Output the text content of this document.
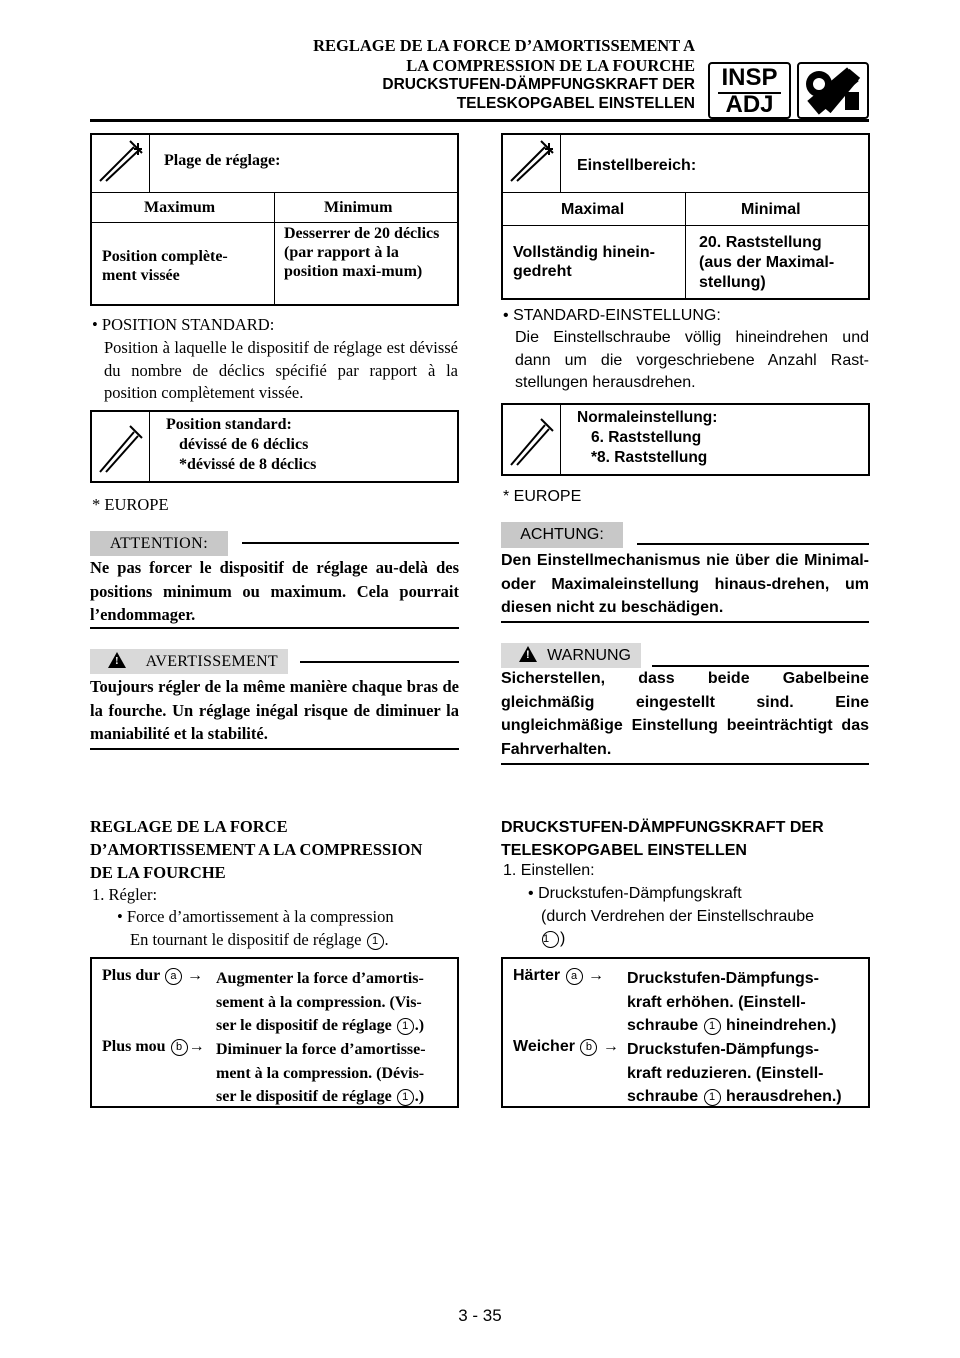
REGLAGE DE LA FORCE D’AMORTISSEMENT A
LA COMPRESSION DE LA FOURCHE
DRUCKSTUFEN-DÄMPFUNGSKRAFT DER
TELESKOPGABEL EINSTELLEN
INSP
ADJ
Plage de réglage:
Maximum	Minimum
Position complète-ment vissée
Desserrer de 20 déclics (par rapport à la position maxi-mum)
• POSITION STANDARD:
Position à laquelle le dispositif de réglage est dévissé du nombre de déclics spécifié par rapport à la position complètement vissée.
Position standard:
dévissé de 6 déclics
*dévissé de 8 déclics
* EUROPE
ATTENTION:
Ne pas forcer le dispositif de réglage au-delà des positions minimum ou maximum. Cela pourrait l’endommager.
! AVERTISSEMENT
Toujours régler de la même manière chaque bras de la fourche. Un réglage inégal risque de diminuer la maniabilité et la stabilité.
REGLAGE DE LA FORCE
D’AMORTISSEMENT A LA COMPRESSION
DE LA FOURCHE
1. Régler:
• Force d’amortissement à la compression
En tournant le dispositif de réglage 1 .
Plus dur a → Augmenter la force d’amortis-
sement à la compression. (Vis-
ser le dispositif de réglage 1 .)
Plus mou b → Diminuer la force d’amortisse-
ment à la compression. (Dévis-
ser le dispositif de réglage 1 .)
Einstellbereich:
Maximal	Minimal
Vollständig hinein-gedreht
20. Raststellung (aus der Maximal-stellung)
• STANDARD-EINSTELLUNG:
Die Einstellschraube völlig hineindrehen und dann um die vorgeschriebene Anzahl Rast-stellungen herausdrehen.
Normaleinstellung:
6. Raststellung
*8. Raststellung
* EUROPE
ACHTUNG:
Den Einstellmechanismus nie über die Minimal- oder Maximaleinstellung hinaus-drehen, um diesen nicht zu beschädigen.
! WARNUNG
Sicherstellen, dass beide Gabelbeine gleichmäßig eingestellt sind. Eine ungleichmäßige Einstellung beeinträchtigt das Fahrverhalten.
DRUCKSTUFEN-DÄMPFUNGSKRAFT DER
TELESKOPGABEL EINSTELLEN
1. Einstellen:
• Druckstufen-Dämpfungskraft
(durch Verdrehen der Einstellschraube
1 )
Härter a → Druckstufen-Dämpfungs-
kraft erhöhen. (Einstell-
schraube 1 hineindrehen.)
Weicher b → Druckstufen-Dämpfungs-
kraft reduzieren. (Einstell-
schraube 1 herausdrehen.)
3 - 35
